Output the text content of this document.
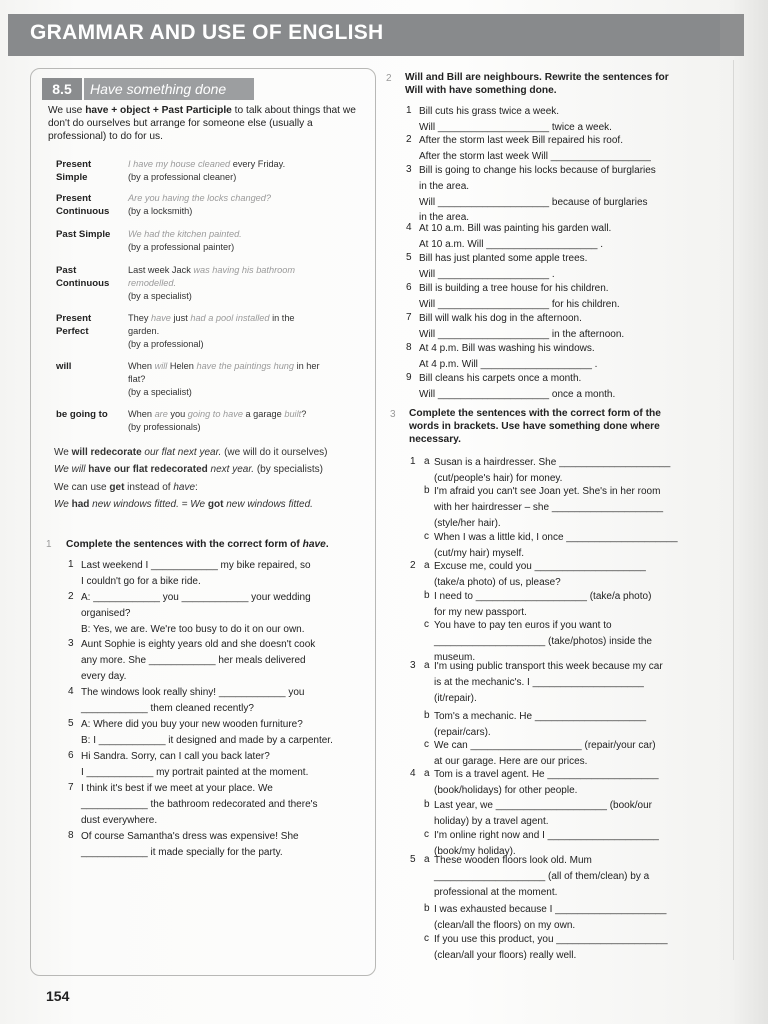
GRAMMAR AND USE OF ENGLISH
8.5	Have something done
We use have + object + Past Participle to talk about things that we don't do ourselves but arrange for someone else (usually a professional) to do for us.
Present
Simple
I have my house cleaned every Friday.
(by a professional cleaner)
Present
Continuous
Are you having the locks changed?
(by a locksmith)
Past Simple We had the kitchen painted.
(by a professional painter)
Past
Continuous
Last week Jack was having his bathroom
remodelled.
(by a specialist)
Present
Perfect
They have just had a pool installed in the
garden.
(by a professional)
will	When will Helen have the paintings hung in her
flat?
(by a specialist)
be going to When are you going to have a garage built?
(by professionals)
We will redecorate our flat next year. (we will do it ourselves)
We will have our flat redecorated next year. (by specialists)
We can use get instead of have:
We had new windows fitted. = We got new windows fitted.
1 Complete the sentences with the correct form of have.
1 Last weekend I ____________ my bike repaired, so
I couldn't go for a bike ride.
2 A: ____________ you ____________ your wedding
organised?
B: Yes, we are. We're too busy to do it on our own.
3 Aunt Sophie is eighty years old and she doesn't cook
any more. She ____________ her meals delivered
every day.
4 The windows look really shiny! ____________ you
____________ them cleaned recently?
5 A: Where did you buy your new wooden furniture?
B: I ____________ it designed and made by a carpenter.
6 Hi Sandra. Sorry, can I call you back later?
I ____________ my portrait painted at the moment.
7 I think it's best if we meet at your place. We
____________ the bathroom redecorated and there's
dust everywhere.
8 Of course Samantha's dress was expensive! She
____________ it made specially for the party.
2 Will and Bill are neighbours. Rewrite the sentences for
Will with have something done.
1 Bill cuts his grass twice a week.
Will ____________________ twice a week.
2 After the storm last week Bill repaired his roof.
After the storm last week Will __________________
3 Bill is going to change his locks because of burglaries
in the area.
Will ____________________ because of burglaries
in the area.
4 At 10 a.m. Bill was painting his garden wall.
At 10 a.m. Will ____________________ .
5 Bill has just planted some apple trees.
Will ____________________ .
6 Bill is building a tree house for his children.
Will ____________________ for his children.
7 Bill will walk his dog in the afternoon.
Will ____________________ in the afternoon.
8 At 4 p.m. Bill was washing his windows.
At 4 p.m. Will ____________________ .
9 Bill cleans his carpets once a month.
Will ____________________ once a month.
3 Complete the sentences with the correct form of the
words in brackets. Use have something done where
necessary.
1 a Susan is a hairdresser. She ____________________
(cut/people's hair) for money.
b I'm afraid you can't see Joan yet. She's in her room
with her hairdresser – she ____________________
(style/her hair).
c When I was a little kid, I once ____________________
(cut/my hair) myself.
2 a Excuse me, could you ____________________
(take/a photo) of us, please?
b I need to ____________________ (take/a photo)
for my new passport.
c You have to pay ten euros if you want to
____________________ (take/photos) inside the
museum.
3 a I'm using public transport this week because my car
is at the mechanic's. I ____________________
(it/repair).
b Tom's a mechanic. He ____________________
(repair/cars).
c We can ____________________ (repair/your car)
at our garage. Here are our prices.
4 a Tom is a travel agent. He ____________________
(book/holidays) for other people.
b Last year, we ____________________ (book/our
holiday) by a travel agent.
c I'm online right now and I ____________________
(book/my holiday).
5 a These wooden floors look old. Mum
____________________ (all of them/clean) by a
professional at the moment.
b I was exhausted because I ____________________
(clean/all the floors) on my own.
c If you use this product, you ____________________
(clean/all your floors) really well.
154
